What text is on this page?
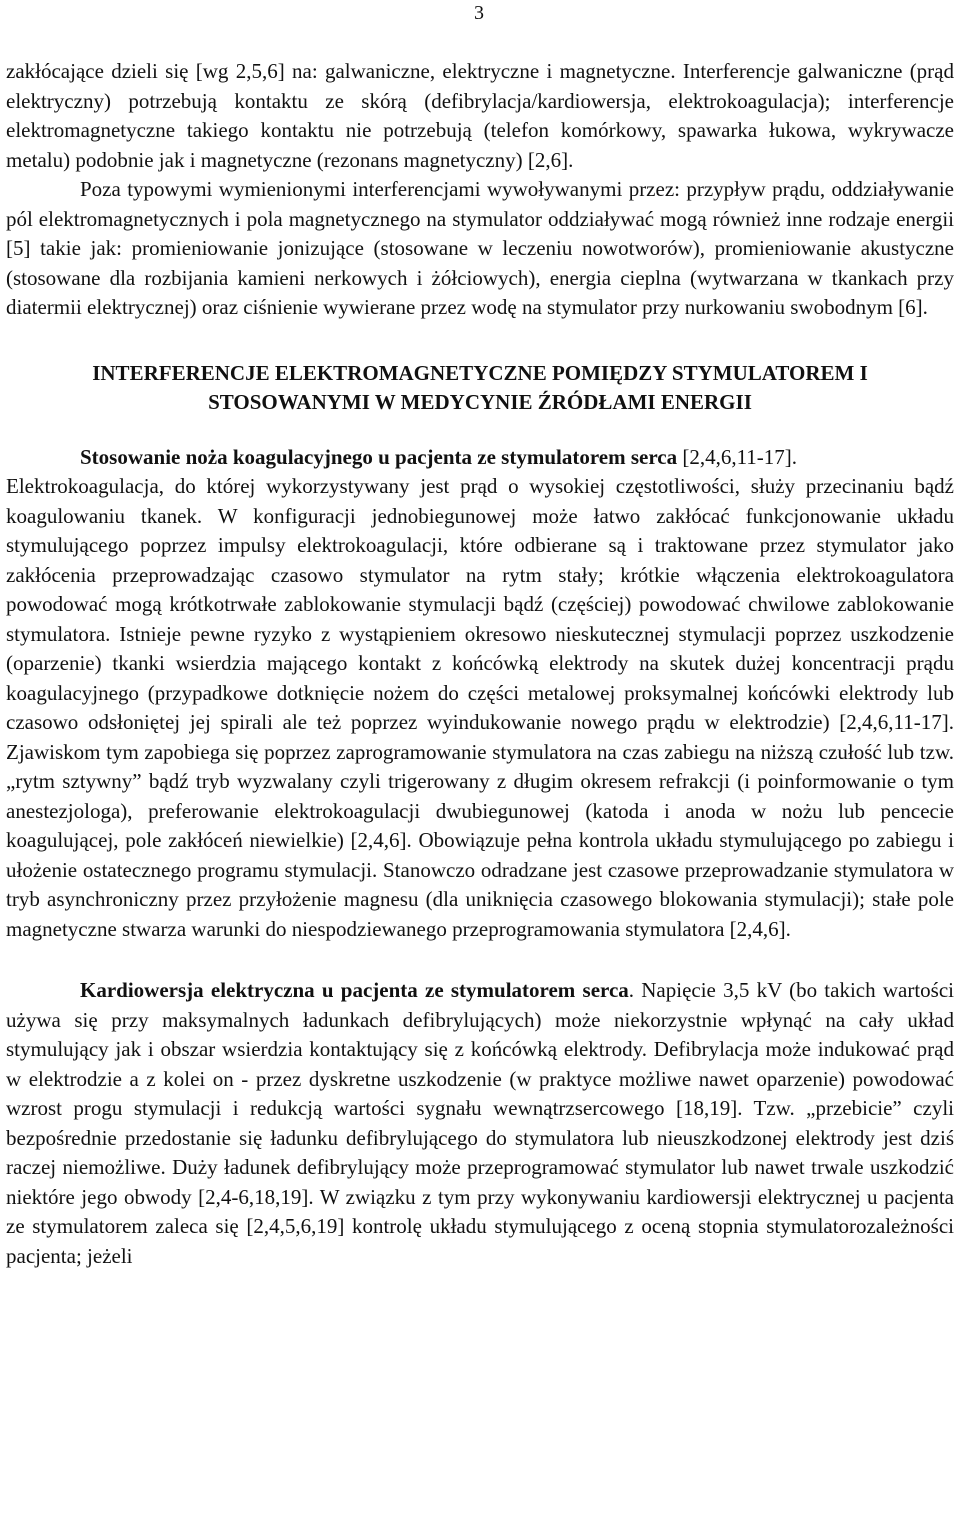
3

zakłócające dzieli się [wg 2,5,6] na: galwaniczne, elektryczne i magnetyczne. Interferencje galwaniczne (prąd elektryczny) potrzebują kontaktu ze skórą (defibrylacja/kardiowersja, elektrokoagulacja); interferencje elektromagnetyczne takiego kontaktu nie potrzebują (telefon komórkowy, spawarka łukowa, wykrywacze metalu) podobnie jak i magnetyczne (rezonans magnetyczny) [2,6].

Poza typowymi wymienionymi interferencjami wywoływanymi przez: przypływ prądu, oddziaływanie pól elektromagnetycznych i pola magnetycznego na stymulator oddziaływać mogą również inne rodzaje energii [5] takie jak: promieniowanie jonizujące (stosowane w leczeniu nowotworów), promieniowanie akustyczne (stosowane dla rozbijania kamieni nerkowych i żółciowych), energia cieplna (wytwarzana w tkankach przy diatermii elektrycznej) oraz ciśnienie wywierane przez wodę na stymulator przy nurkowaniu swobodnym [6].

INTERFERENCJE ELEKTROMAGNETYCZNE POMIĘDZY STYMULATOREM I
STOSOWANYMI W MEDYCYNIE ŹRÓDŁAMI ENERGII

Stosowanie noża koagulacyjnego u pacjenta ze stymulatorem serca [2,4,6,11-17].

Elektrokoagulacja, do której wykorzystywany jest prąd o wysokiej częstotliwości, służy przecinaniu bądź koagulowaniu tkanek. W konfiguracji jednobiegunowej może łatwo zakłócać funkcjonowanie układu stymulującego poprzez impulsy elektrokoagulacji, które odbierane są i traktowane przez stymulator jako zakłócenia przeprowadzając czasowo stymulator na rytm stały; krótkie włączenia elektrokoagulatora powodować mogą krótkotrwałe zablokowanie stymulacji bądź (częściej) powodować chwilowe zablokowanie stymulatora. Istnieje pewne ryzyko z wystąpieniem okresowo nieskutecznej stymulacji poprzez uszkodzenie (oparzenie) tkanki wsierdzia mającego kontakt z końcówką elektrody na skutek dużej koncentracji prądu koagulacyjnego (przypadkowe dotknięcie nożem do części metalowej proksymalnej końcówki elektrody lub czasowo odsłoniętej jej spirali ale też poprzez wyindukowanie nowego prądu w elektrodzie) [2,4,6,11-17]. Zjawiskom tym zapobiega się poprzez zaprogramowanie stymulatora na czas zabiegu na niższą czułość lub tzw. „rytm sztywny” bądź tryb wyzwalany czyli trigerowany z długim okresem refrakcji (i poinformowanie o tym anestezjologa), preferowanie elektrokoagulacji dwubiegunowej (katoda i anoda w nożu lub pencecie koagulującej, pole zakłóceń niewielkie) [2,4,6]. Obowiązuje pełna kontrola układu stymulującego po zabiegu i ułożenie ostatecznego programu stymulacji. Stanowczo odradzane jest czasowe przeprowadzanie stymulatora w tryb asynchroniczny przez przyłożenie magnesu (dla uniknięcia czasowego blokowania stymulacji); stałe pole magnetyczne stwarza warunki do niespodziewanego przeprogramowania stymulatora [2,4,6].

Kardiowersja elektryczna u pacjenta ze stymulatorem serca. Napięcie 3,5 kV (bo takich wartości używa się przy maksymalnych ładunkach defibrylujących) może niekorzystnie wpłynąć na cały układ stymulujący jak i obszar wsierdzia kontaktujący się z końcówką elektrody. Defibrylacja może indukować prąd w elektrodzie a z kolei on - przez dyskretne uszkodzenie (w praktyce możliwe nawet oparzenie) powodować wzrost progu stymulacji i redukcją wartości sygnału wewnątrzsercowego [18,19]. Tzw. „przebicie” czyli bezpośrednie przedostanie się ładunku defibrylującego do stymulatora lub nieuszkodzonej elektrody jest dziś raczej niemożliwe. Duży ładunek defibrylujący może przeprogramować stymulator lub nawet trwale uszkodzić niektóre jego obwody [2,4-6,18,19]. W związku z tym przy wykonywaniu kardiowersji elektrycznej u pacjenta ze stymulatorem zaleca się [2,4,5,6,19] kontrolę układu stymulującego z oceną stopnia stymulatorozależności pacjenta; jeżeli
